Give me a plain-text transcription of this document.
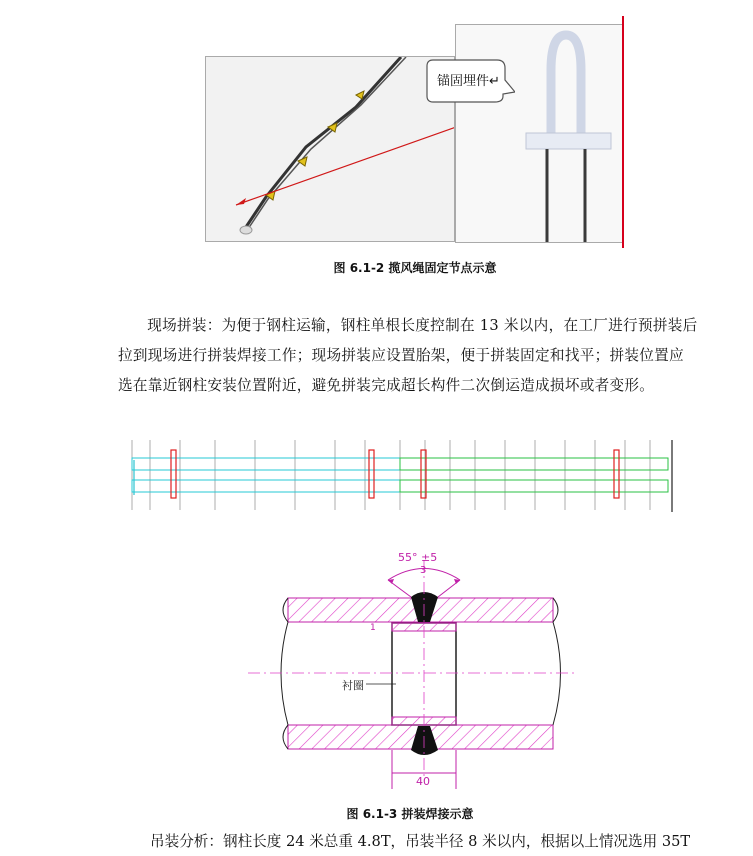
锚固埋件↵
图 6.1-2 揽风绳固定节点示意

现场拼装：为便于钢柱运输，钢柱单根长度控制在 13 米以内，在工厂进行预拼装后拉到现场进行拼装焊接工作；现场拼装应设置胎架，便于拼装固定和找平；拼装位置应选在靠近钢柱安装位置附近，避免拼装完成超长构件二次倒运造成损坏或者变形。

55° ±5
3
1
衬圈
40
图 6.1-3 拼装焊接示意
吊装分析：钢柱长度 24 米总重 4.8T，吊装半径 8 米以内，根据以上情况选用 35T
